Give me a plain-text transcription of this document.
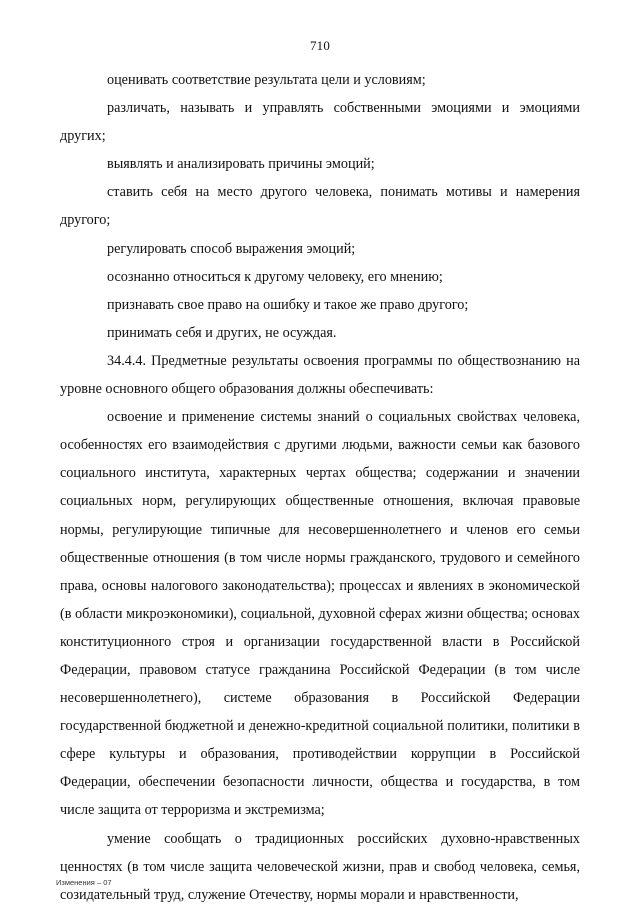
710

оценивать соответствие результата цели и условиям;

различать, называть и управлять собственными эмоциями и эмоциями других;

выявлять и анализировать причины эмоций;

ставить себя на место другого человека, понимать мотивы и намерения другого;

регулировать способ выражения эмоций;

осознанно относиться к другому человеку, его мнению;

признавать свое право на ошибку и такое же право другого;

принимать себя и других, не осуждая.

34.4.4. Предметные результаты освоения программы по обществознанию на уровне основного общего образования должны обеспечивать:

освоение и применение системы знаний о социальных свойствах человека, особенностях его взаимодействия с другими людьми, важности семьи как базового социального института, характерных чертах общества; содержании и значении социальных норм, регулирующих общественные отношения, включая правовые нормы, регулирующие типичные для несовершеннолетнего и членов его семьи общественные отношения (в том числе нормы гражданского, трудового и семейного права, основы налогового законодательства); процессах и явлениях в экономической (в области микроэкономики), социальной, духовной сферах жизни общества; основах конституционного строя и организации государственной власти в Российской Федерации, правовом статусе гражданина Российской Федерации (в том числе несовершеннолетнего), системе образования в Российской Федерации государственной бюджетной и денежно-кредитной социальной политики, политики в сфере культуры и образования, противодействии коррупции в Российской Федерации, обеспечении безопасности личности, общества и государства, в том числе защита от терроризма и экстремизма;

умение сообщать о традиционных российских духовно-нравственных ценностях (в том числе защита человеческой жизни, прав и свобод человека, семья, созидательный труд, служение Отечеству, нормы морали и нравственности,

Изменения – 07
